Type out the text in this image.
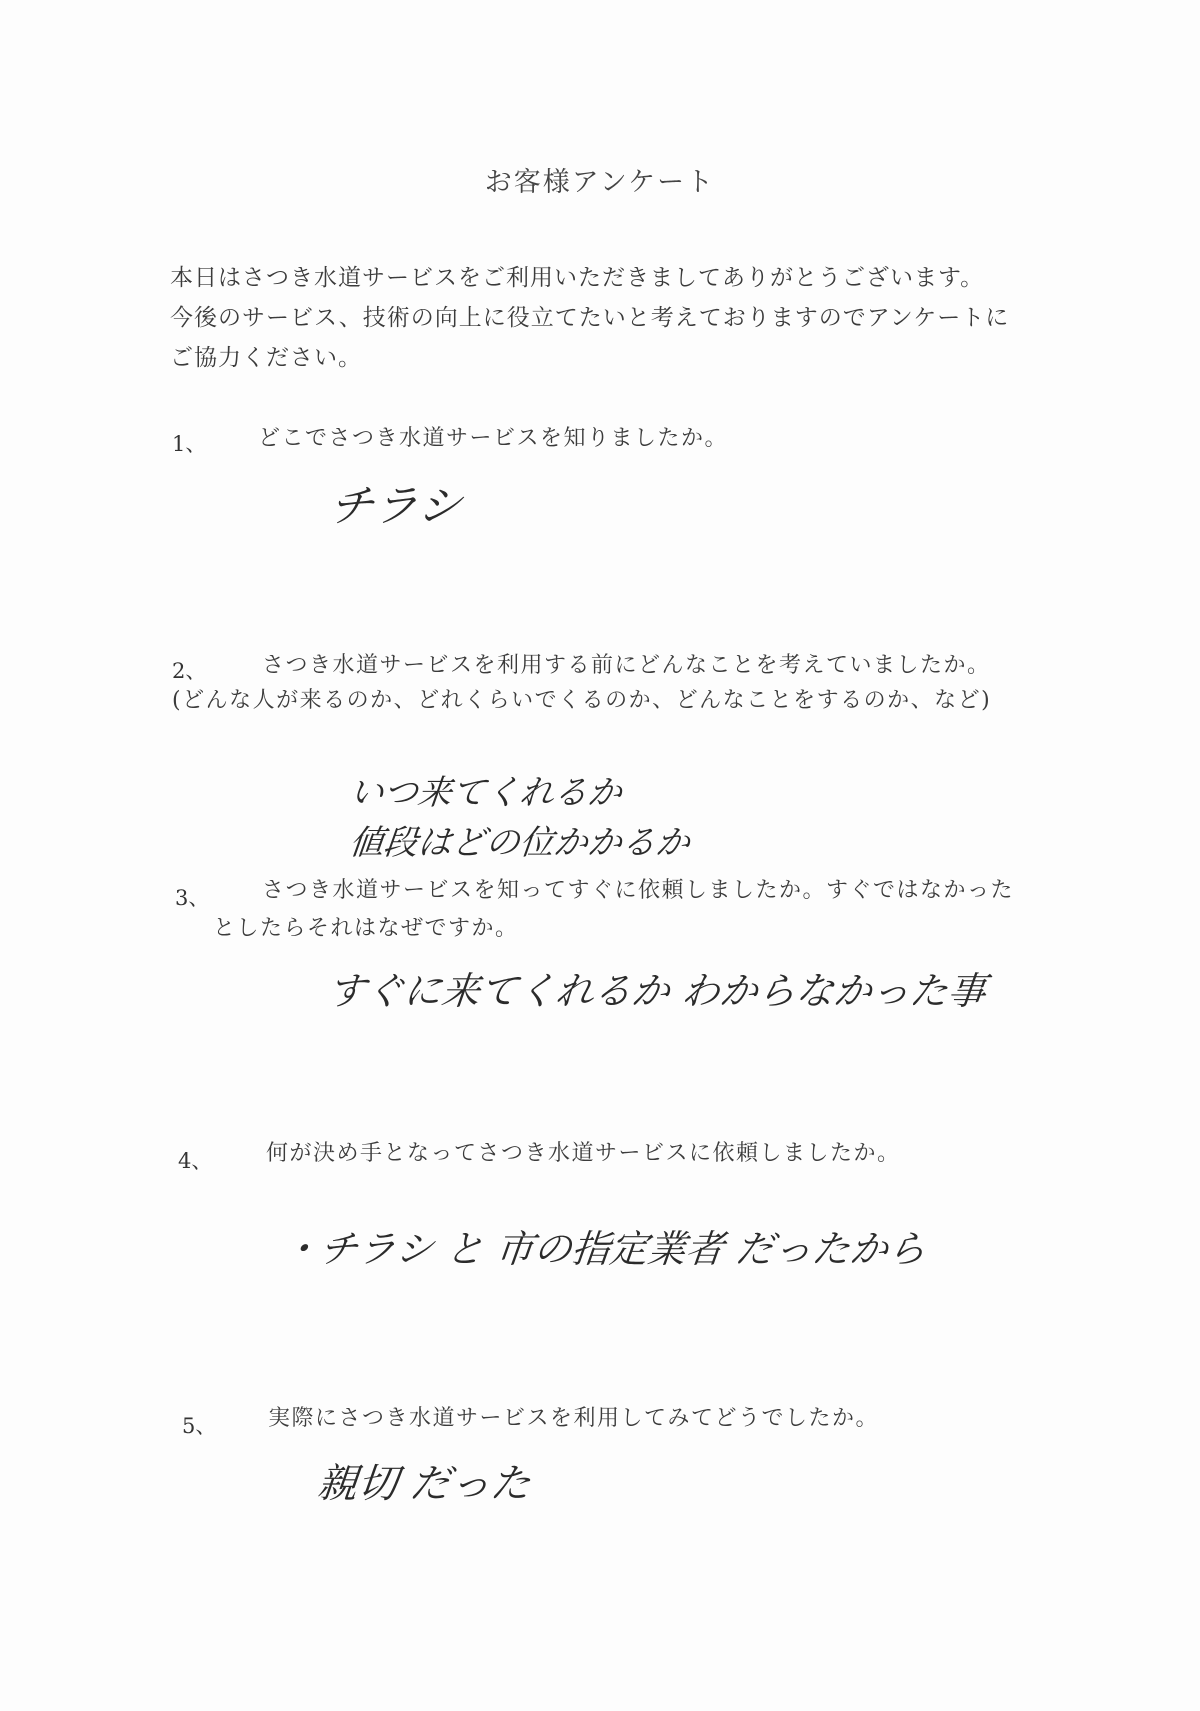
お客様アンケート
本日はさつき水道サービスをご利用いただきましてありがとうございます。
今後のサービス、技術の向上に役立てたいと考えておりますのでアンケートに
ご協力ください。
1、 どこでさつき水道サービスを知りましたか。
チラシ
2、	さつき水道サービスを利用する前にどんなことを考えていましたか。
(どんな人が来るのか、どれくらいでくるのか、どんなことをするのか、など)
いつ来てくれるか
値段はどの位かかるか
3、 さつき水道サービスを知ってすぐに依頼しましたか。すぐではなかった
としたらそれはなぜですか。
すぐに来てくれるか わからなかった事
4、 何が決め手となってさつき水道サービスに依頼しましたか。
・チラシ と 市の指定業者 だったから
5、 実際にさつき水道サービスを利用してみてどうでしたか。
親切 だった
